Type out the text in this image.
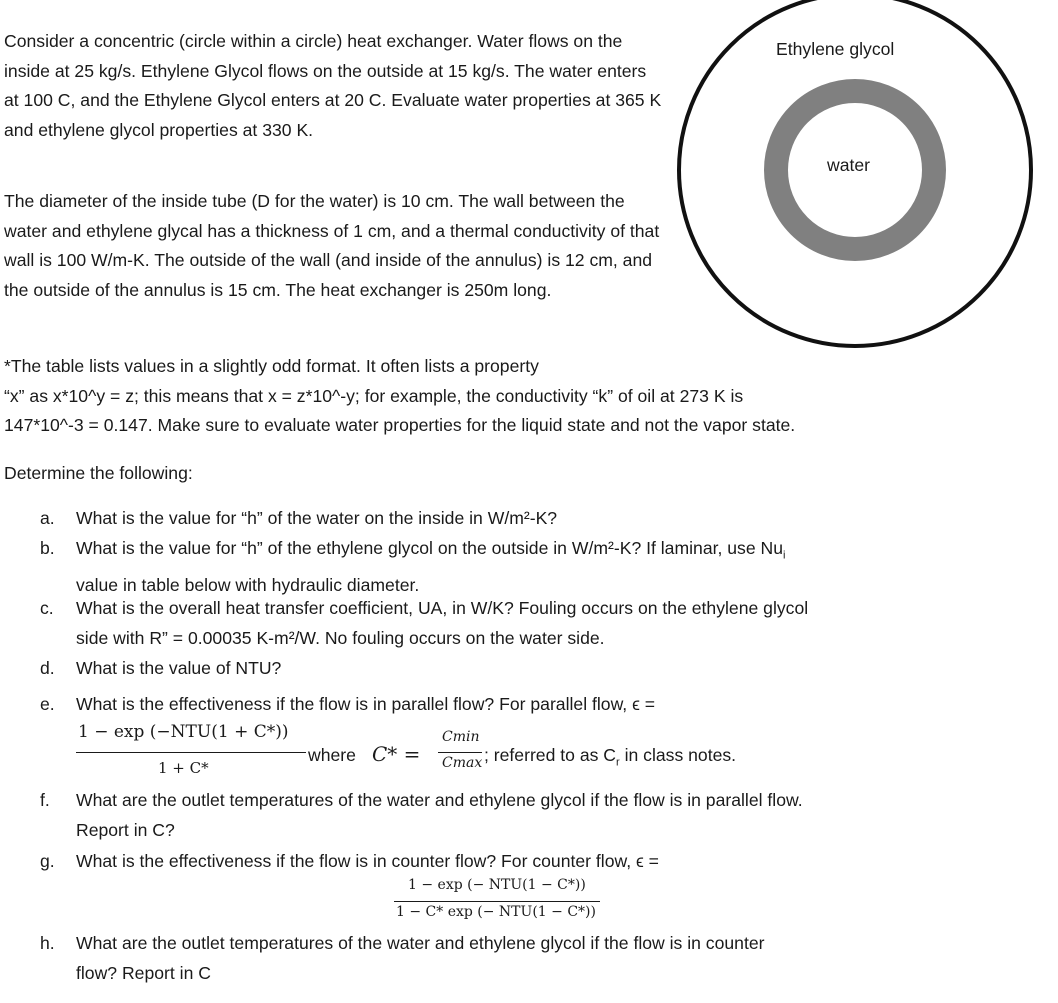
Consider a concentric (circle within a circle) heat exchanger. Water flows on the inside at 25 kg/s. Ethylene Glycol flows on the outside at 15 kg/s. The water enters at 100 C, and the Ethylene Glycol enters at 20 C. Evaluate water properties at 365 K and ethylene glycol properties at 330 K.

The diameter of the inside tube (D for the water) is 10 cm. The wall between the water and ethylene glycal has a thickness of 1 cm, and a thermal conductivity of that wall is 100 W/m-K. The outside of the wall (and inside of the annulus) is 12 cm, and the outside of the annulus is 15 cm. The heat exchanger is 250m long.

*The table lists values in a slightly odd format. It often lists a property
“x” as x*10^y = z; this means that x = z*10^-y; for example, the conductivity “k” of oil at 273 K is
147*10^-3 = 0.147. Make sure to evaluate water properties for the liquid state and not the vapor state.

Determine the following:

Ethylene glycol
water
a. What is the value for “h” of the water on the inside in W/m²-K?
b. What is the value for “h” of the ethylene glycol on the outside in W/m²-K? If laminar, use $Nu_i$
value in table below with hydraulic diameter.
c. What is the overall heat transfer coefficient, UA, in W/K? Fouling occurs on the ethylene glycol
side with R” = 0.00035 K-m²/W. No fouling occurs on the water side.
d. What is the value of NTU?
e. What is the effectiveness if the flow is in parallel flow? For parallel flow, ϵ =
1 − exp (−NTU(1 + C*))
1 + C*
where C* =
Cmin
Cmax ; referred to as $C_r$ in class notes.
f. What are the outlet temperatures of the water and ethylene glycol if the flow is in parallel flow.
Report in C?
g. What is the effectiveness if the flow is in counter flow? For counter flow, ϵ =
1 − exp (− NTU(1 − C*))
1 − C* exp (− NTU(1 − C*))
h. What are the outlet temperatures of the water and ethylene glycol if the flow is in counter
flow? Report in C
